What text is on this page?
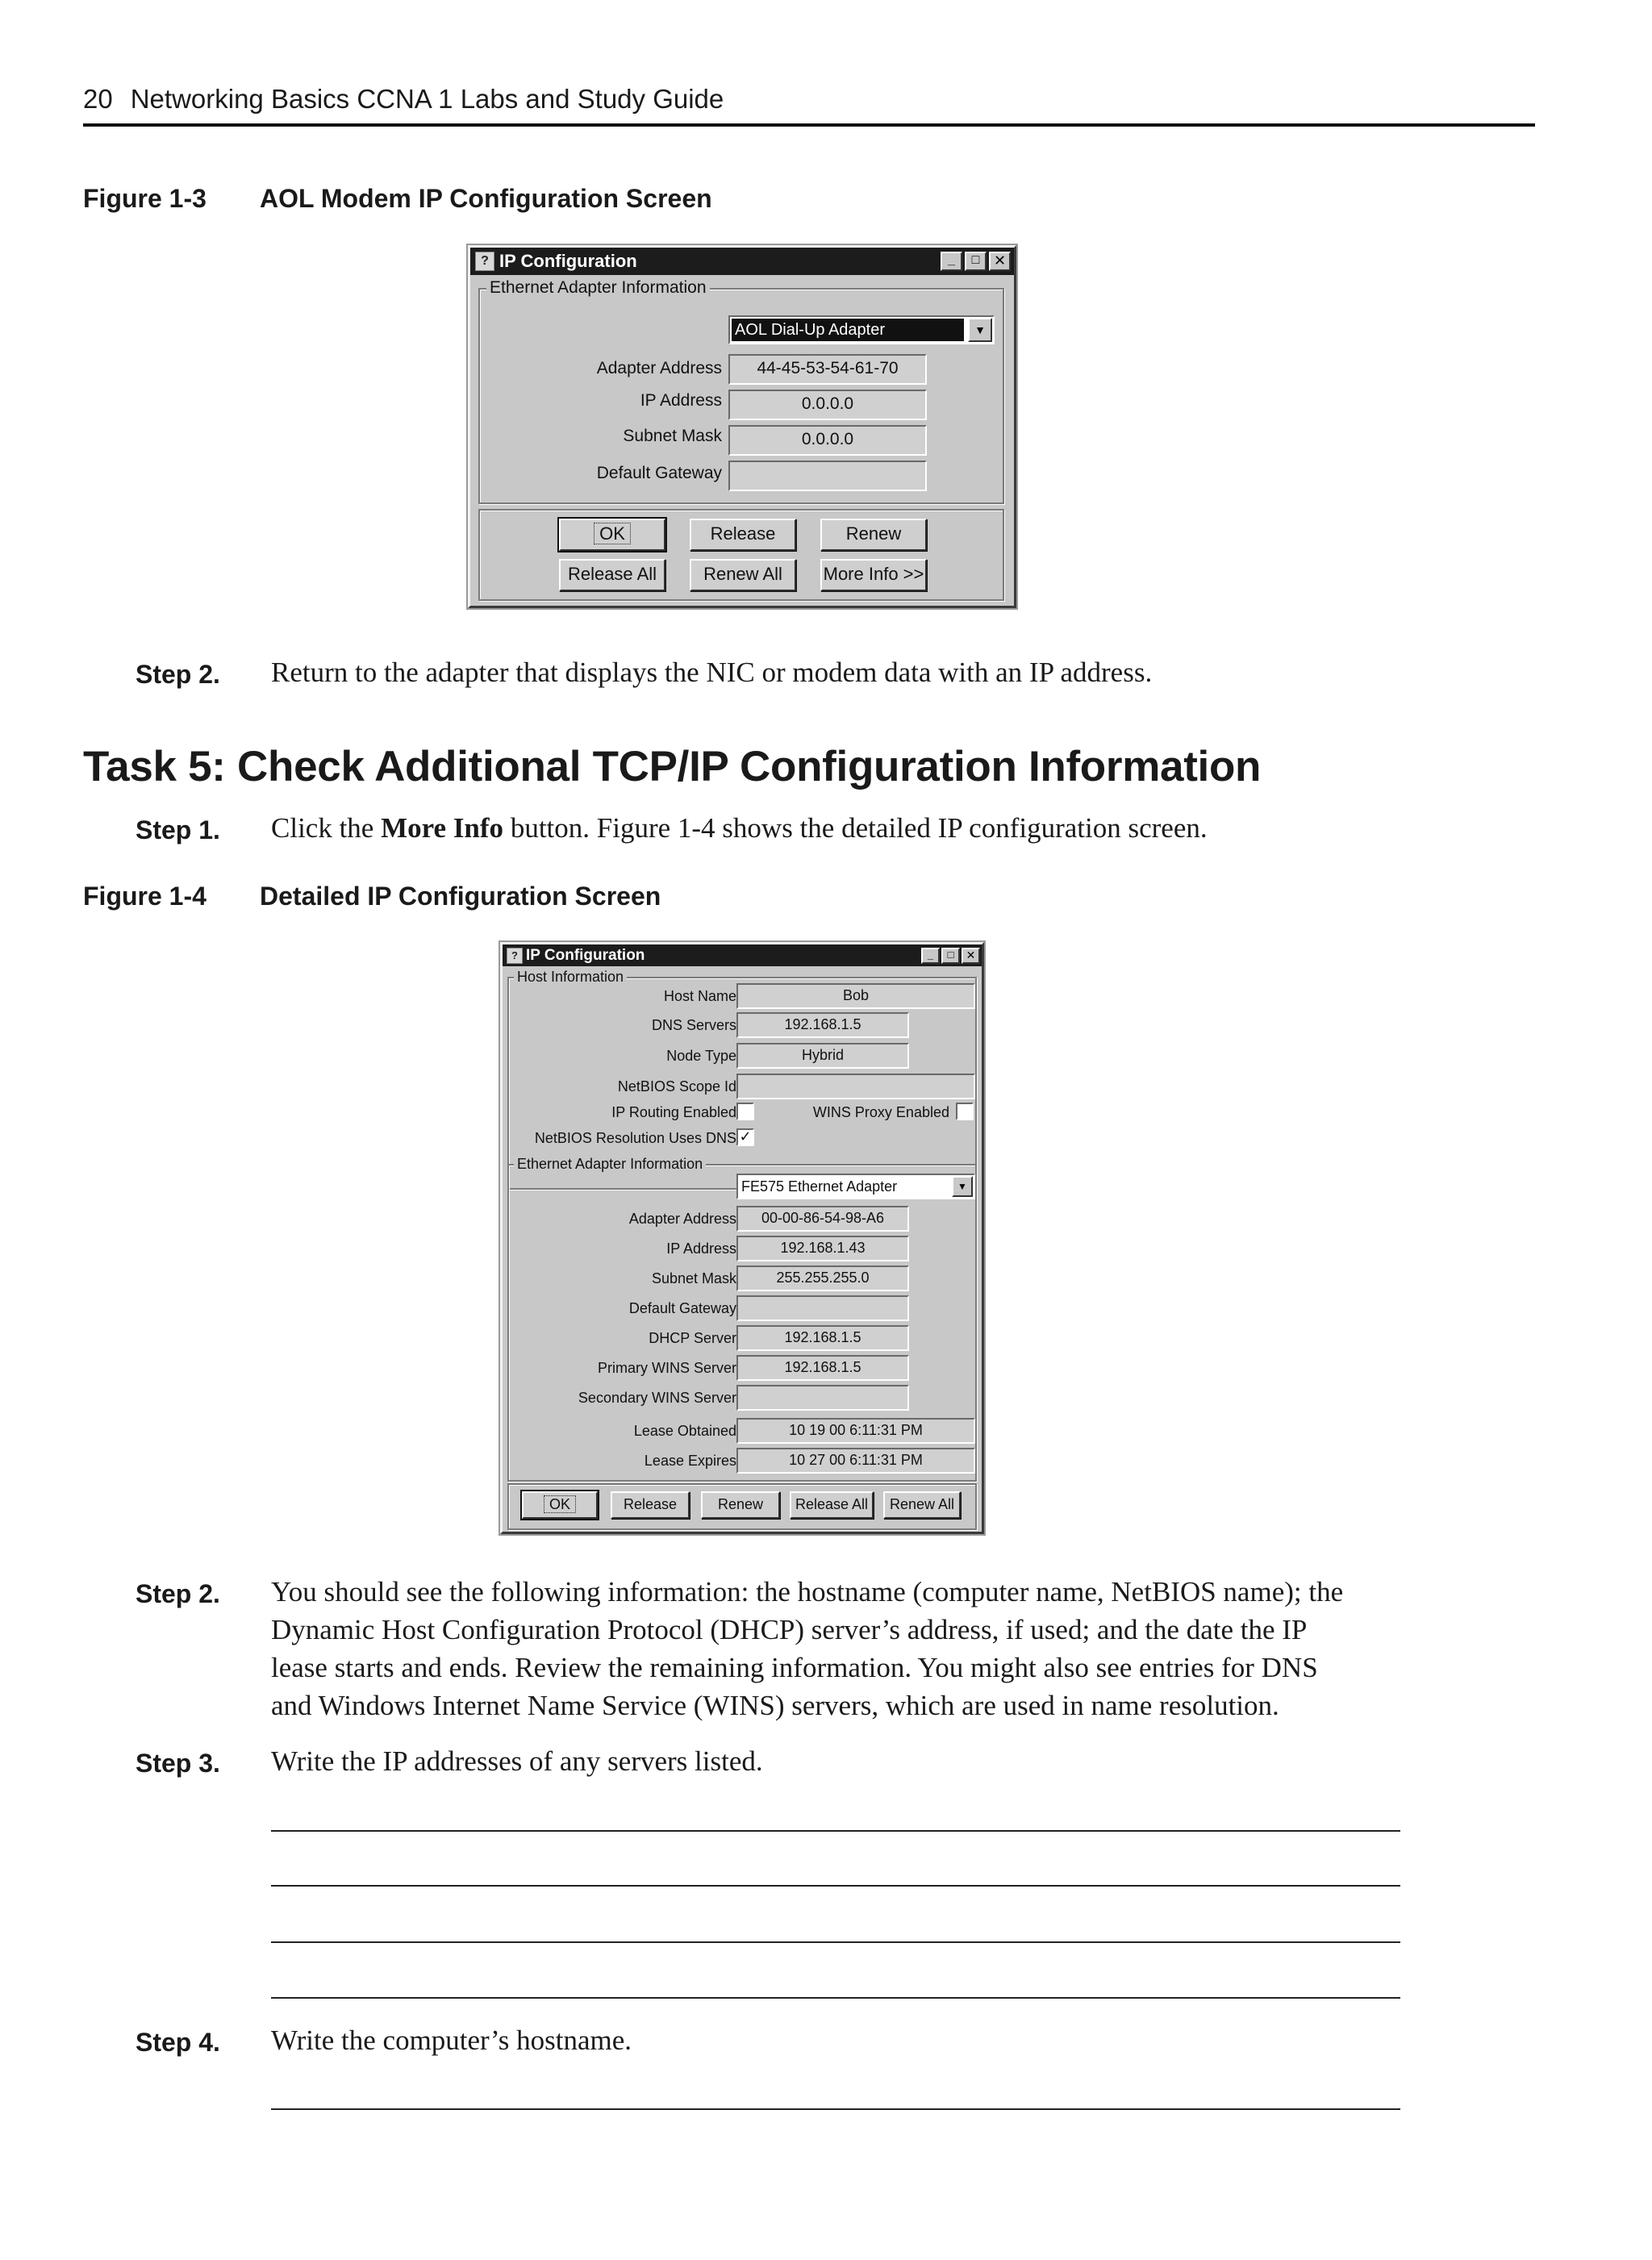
20 Networking Basics CCNA 1 Labs and Study Guide
Figure 1-3 AOL Modem IP Configuration Screen
? IP Configuration	_	□ ✕
Ethernet Adapter Information
AOL Dial-Up Adapter	▼
Adapter Address	44-45-53-54-61-70
IP Address	0.0.0.0
Subnet Mask	0.0.0.0
Default Gateway
OK	Release	Renew
Release All	Renew All	More Info >>
Step 2. Return to the adapter that displays the NIC or modem data with an IP address.
Task 5: Check Additional TCP/IP Configuration Information
Step 1. Click the More Info button. Figure 1-4 shows the detailed IP configuration screen.
Figure 1-4 Detailed IP Configuration Screen
? IP Configuration	_	□	✕
Host Information
Host Name	Bob
DNS Servers	192.168.1.5
Node Type	Hybrid
NetBIOS Scope Id
IP Routing Enabled	WINS Proxy Enabled
NetBIOS Resolution Uses DNS ✓
Ethernet Adapter Information
FE575 Ethernet Adapter	▼
Adapter Address	00-00-86-54-98-A6
IP Address	192.168.1.43
Subnet Mask	255.255.255.0
Default Gateway
DHCP Server	192.168.1.5
Primary WINS Server	192.168.1.5
Secondary WINS Server
Lease Obtained	10 19 00 6:11:31 PM
Lease Expires	10 27 00 6:11:31 PM
OK	Release	Renew	Release All	Renew All
Step 2. You should see the following information: the hostname (computer name, NetBIOS name); the
Dynamic Host Configuration Protocol (DHCP) server’s address, if used; and the date the IP
lease starts and ends. Review the remaining information. You might also see entries for DNS
and Windows Internet Name Service (WINS) servers, which are used in name resolution.
Step 3. Write the IP addresses of any servers listed.
Step 4. Write the computer’s hostname.
